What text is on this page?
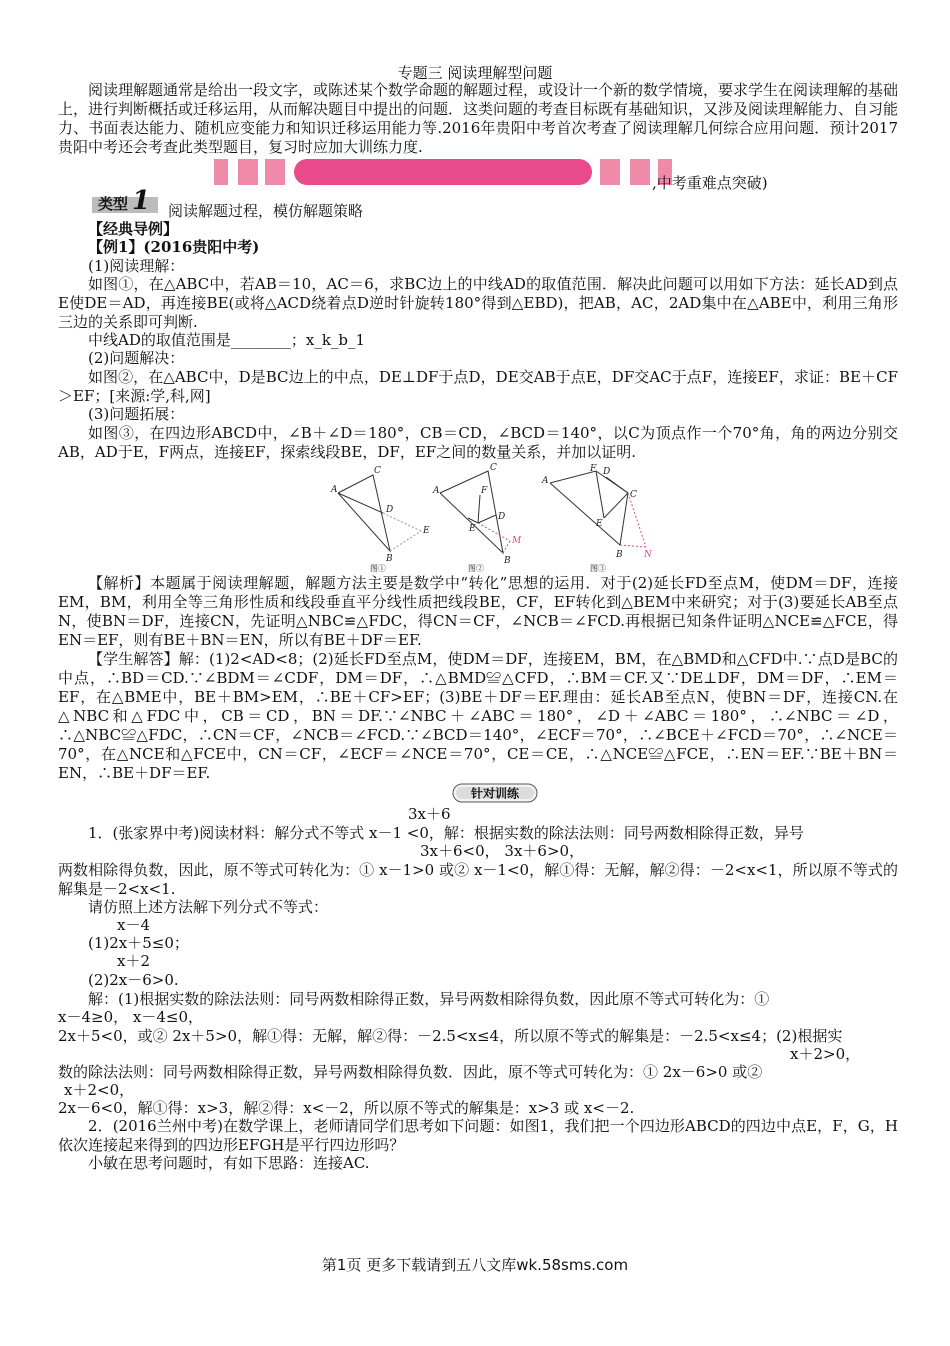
专题三 阅读理解型问题

阅读理解题通常是给出一段文字，或陈述某个数学命题的解题过程，或设计一个新的数学情境，要求学生在阅读理解的基础上，进行判断概括或迁移运用，从而解决题目中提出的问题．这类问题的考查目标既有基础知识，又涉及阅读理解能力、自习能力、书面表达能力、随机应变能力和知识迁移运用能力等.2016年贵阳中考首次考查了阅读理解几何综合应用问题．预计2017贵阳中考还会考查此类型题目，复习时应加大训练力度.

,中考重难点突破)

类型 1 阅读解题过程，模仿解题策略

【经典导例】

【例1】(2016贵阳中考)

(1)阅读理解：

如图①，在△ABC中，若AB＝10，AC＝6，求BC边上的中线AD的取值范围．解决此问题可以用如下方法：延长AD到点E使DE＝AD，再连接BE(或将△ACD绕着点D逆时针旋转180°得到△EBD)，把AB，AC，2AD集中在△ABE中，利用三角形三边的关系即可判断.

中线AD的取值范围是________；x_k_b_1

(2)问题解决：

如图②，在△ABC中，D是BC边上的中点，DE⊥DF于点D，DE交AB于点E，DF交AC于点F，连接EF，求证：BE＋CF＞EF；[来源:学,科,网]

(3)问题拓展：

如图③，在四边形ABCD中，∠B＋∠D＝180°，CB＝CD，∠BCD＝140°，以C为顶点作一个70°角，角的两边分别交AB，AD于E，F两点，连接EF，探索线段BE，DF，EF之间的数量关系，并加以证明.

A
C
D
E
B
图①
A	F
C
E
D
B
M
图②
A
F D
C
E
B N
图③

【解析】本题属于阅读理解题，解题方法主要是数学中“转化”思想的运用．对于(2)延长FD至点M，使DM＝DF，连接EM，BM，利用全等三角形性质和线段垂直平分线性质把线段BE，CF，EF转化到△BEM中来研究；对于(3)要延长AB至点N，使BN＝DF，连接CN，先证明△NBC≌△FDC，得CN＝CF，∠NCB＝∠FCD.再根据已知条件证明△NCE≌△FCE，得EN＝EF，则有BE＋BN＝EN，所以有BE＋DF＝EF.

【学生解答】解：(1)2<AD<8；(2)延长FD至点M，使DM＝DF，连接EM，BM，在△BMD和△CFD中.∵点D是BC的中点，∴BD＝CD.∵∠BDM＝∠CDF，DM＝DF，∴△BMD≌△CFD，∴BM＝CF.又∵DE⊥DF，DM＝DF，∴EM＝EF，在△BME中，BE＋BM>EM，∴BE＋CF>EF；(3)BE＋DF＝EF.理由：延长AB至点N，使BN＝DF，连接CN.在△NBC和△FDC中，CB＝CD，BN＝DF.∵∠NBC＋∠ABC＝180°，∠D＋∠ABC＝180°，∴∠NBC＝∠D，∴△NBC≌△FDC，∴CN＝CF，∠NCB＝∠FCD.∵∠BCD＝140°，∠ECF＝70°，∴∠BCE＋∠FCD＝70°，∴∠NCE＝70°，在△NCE和△FCE中，CN＝CF，∠ECF＝∠NCE＝70°，CE＝CE，∴△NCE≌△FCE，∴EN＝EF.∵BE＋BN＝EN，∴BE＋DF＝EF.

针对训练

3x＋6

1．(张家界中考)阅读材料：解分式不等式 x－1 <0，解：根据实数的除法法则：同号两数相除得正数，异号

3x＋6<0， 3x＋6>0，

两数相除得负数，因此，原不等式可转化为：① x－1>0 或② x－1<0，解①得：无解，解②得：－2<x<1，所以原不等式的解集是－2<x<1.

请仿照上述方法解下列分式不等式：

x－4

(1)2x＋5≤0；

x＋2

(2)2x－6>0.

解：(1)根据实数的除法法则：同号两数相除得正数，异号两数相除得负数，因此原不等式可转化为：①

x－4≥0， x－4≤0，

2x＋5<0，或② 2x＋5>0，解①得：无解，解②得：－2.5<x≤4，所以原不等式的解集是：－2.5<x≤4；(2)根据实

x＋2>0，

数的除法法则：同号两数相除得正数，异号两数相除得负数．因此，原不等式可转化为：① 2x－6>0 或②

x＋2<0，

2x－6<0，解①得：x>3，解②得：x<－2，所以原不等式的解集是：x>3 或 x<－2.

2．(2016兰州中考)在数学课上，老师请同学们思考如下问题：如图1，我们把一个四边形ABCD的四边中点E，F，G，H依次连接起来得到的四边形EFGH是平行四边形吗？

小敏在思考问题时，有如下思路：连接AC.

第1页 更多下载请到五八文库wk.58sms.com
